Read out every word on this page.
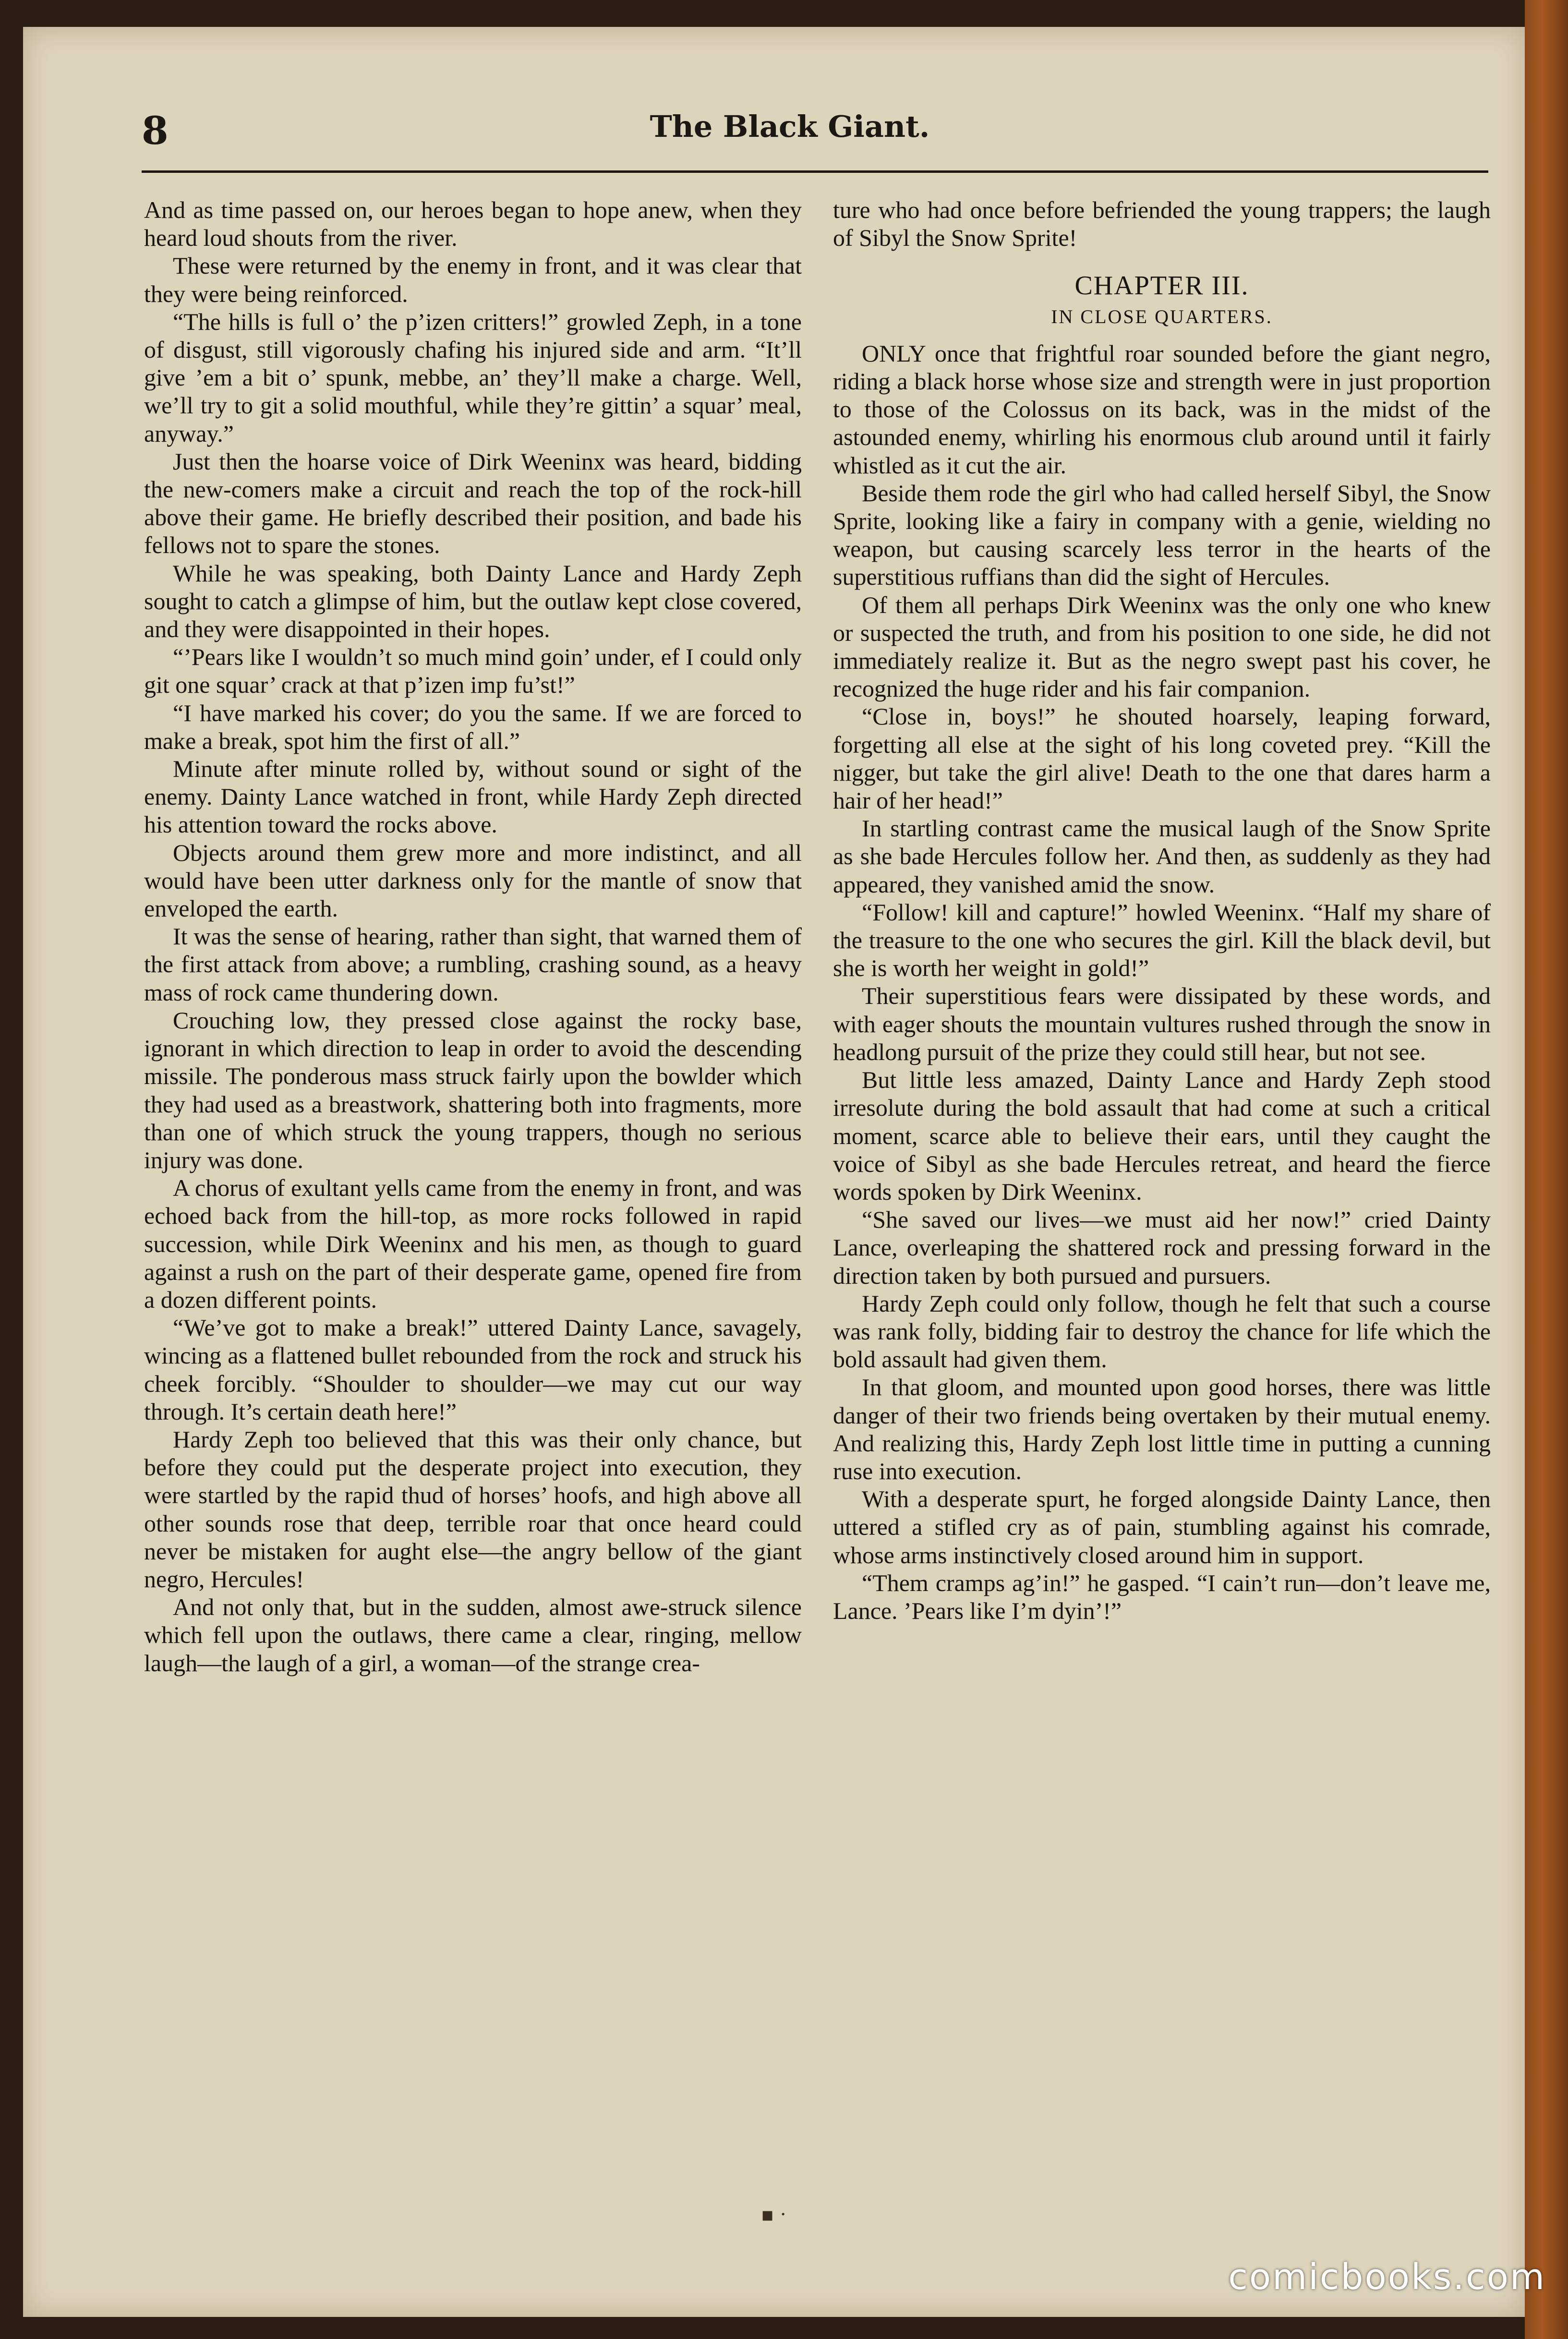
8	The Black Giant.

And as time passed on, our heroes began to hope anew, when they heard loud shouts from the river.

These were returned by the enemy in front, and it was clear that they were being reinforced.

“The hills is full o’ the p’izen critters!” growled Zeph, in a tone of disgust, still vigorously chafing his injured side and arm. “It’ll give ’em a bit o’ spunk, mebbe, an’ they’ll make a charge. Well, we’ll try to git a solid mouthful, while they’re gittin’ a squar’ meal, anyway.”

Just then the hoarse voice of Dirk Weeninx was heard, bidding the new-comers make a circuit and reach the top of the rock-hill above their game. He briefly described their position, and bade his fellows not to spare the stones.

While he was speaking, both Dainty Lance and Hardy Zeph sought to catch a glimpse of him, but the outlaw kept close covered, and they were disappointed in their hopes.

“’Pears like I wouldn’t so much mind goin’ under, ef I could only git one squar’ crack at that p’izen imp fu’st!”

“I have marked his cover; do you the same. If we are forced to make a break, spot him the first of all.”

Minute after minute rolled by, without sound or sight of the enemy. Dainty Lance watched in front, while Hardy Zeph directed his attention toward the rocks above.

Objects around them grew more and more indistinct, and all would have been utter darkness only for the mantle of snow that enveloped the earth.

It was the sense of hearing, rather than sight, that warned them of the first attack from above; a rumbling, crashing sound, as a heavy mass of rock came thundering down.

Crouching low, they pressed close against the rocky base, ignorant in which direction to leap in order to avoid the descending missile. The ponderous mass struck fairly upon the bowlder which they had used as a breastwork, shattering both into fragments, more than one of which struck the young trappers, though no serious injury was done.

A chorus of exultant yells came from the enemy in front, and was echoed back from the hill-top, as more rocks followed in rapid succession, while Dirk Weeninx and his men, as though to guard against a rush on the part of their desperate game, opened fire from a dozen different points.

“We’ve got to make a break!” uttered Dainty Lance, savagely, wincing as a flattened bullet rebounded from the rock and struck his cheek forcibly. “Shoulder to shoulder—we may cut our way through. It’s certain death here!”

Hardy Zeph too believed that this was their only chance, but before they could put the desperate project into execution, they were startled by the rapid thud of horses’ hoofs, and high above all other sounds rose that deep, terrible roar that once heard could never be mistaken for aught else—the angry bellow of the giant negro, Hercules!

And not only that, but in the sudden, almost awe-struck silence which fell upon the outlaws, there came a clear, ringing, mellow laugh—the laugh of a girl, a woman—of the strange crea-

ture who had once before befriended the young trappers; the laugh of Sibyl the Snow Sprite!

CHAPTER III.
IN CLOSE QUARTERS.

ONLY once that frightful roar sounded before the giant negro, riding a black horse whose size and strength were in just proportion to those of the Colossus on its back, was in the midst of the astounded enemy, whirling his enormous club around until it fairly whistled as it cut the air.

Beside them rode the girl who had called herself Sibyl, the Snow Sprite, looking like a fairy in company with a genie, wielding no weapon, but causing scarcely less terror in the hearts of the superstitious ruffians than did the sight of Hercules.

Of them all perhaps Dirk Weeninx was the only one who knew or suspected the truth, and from his position to one side, he did not immediately realize it. But as the negro swept past his cover, he recognized the huge rider and his fair companion.

“Close in, boys!” he shouted hoarsely, leaping forward, forgetting all else at the sight of his long coveted prey. “Kill the nigger, but take the girl alive! Death to the one that dares harm a hair of her head!”

In startling contrast came the musical laugh of the Snow Sprite as she bade Hercules follow her. And then, as suddenly as they had appeared, they vanished amid the snow.

“Follow! kill and capture!” howled Weeninx. “Half my share of the treasure to the one who secures the girl. Kill the black devil, but she is worth her weight in gold!”

Their superstitious fears were dissipated by these words, and with eager shouts the mountain vultures rushed through the snow in headlong pursuit of the prize they could still hear, but not see.

But little less amazed, Dainty Lance and Hardy Zeph stood irresolute during the bold assault that had come at such a critical moment, scarce able to believe their ears, until they caught the voice of Sibyl as she bade Hercules retreat, and heard the fierce words spoken by Dirk Weeninx.

“She saved our lives—we must aid her now!” cried Dainty Lance, overleaping the shattered rock and pressing forward in the direction taken by both pursued and pursuers.

Hardy Zeph could only follow, though he felt that such a course was rank folly, bidding fair to destroy the chance for life which the bold assault had given them.

In that gloom, and mounted upon good horses, there was little danger of their two friends being overtaken by their mutual enemy. And realizing this, Hardy Zeph lost little time in putting a cunning ruse into execution.

With a desperate spurt, he forged alongside Dainty Lance, then uttered a stifled cry as of pain, stumbling against his comrade, whose arms instinctively closed around him in support.

“Them cramps ag’in!” he gasped. “I cain’t run—don’t leave me, Lance. ’Pears like I’m dyin’!”

▪︎ ·
comicbooks.com
